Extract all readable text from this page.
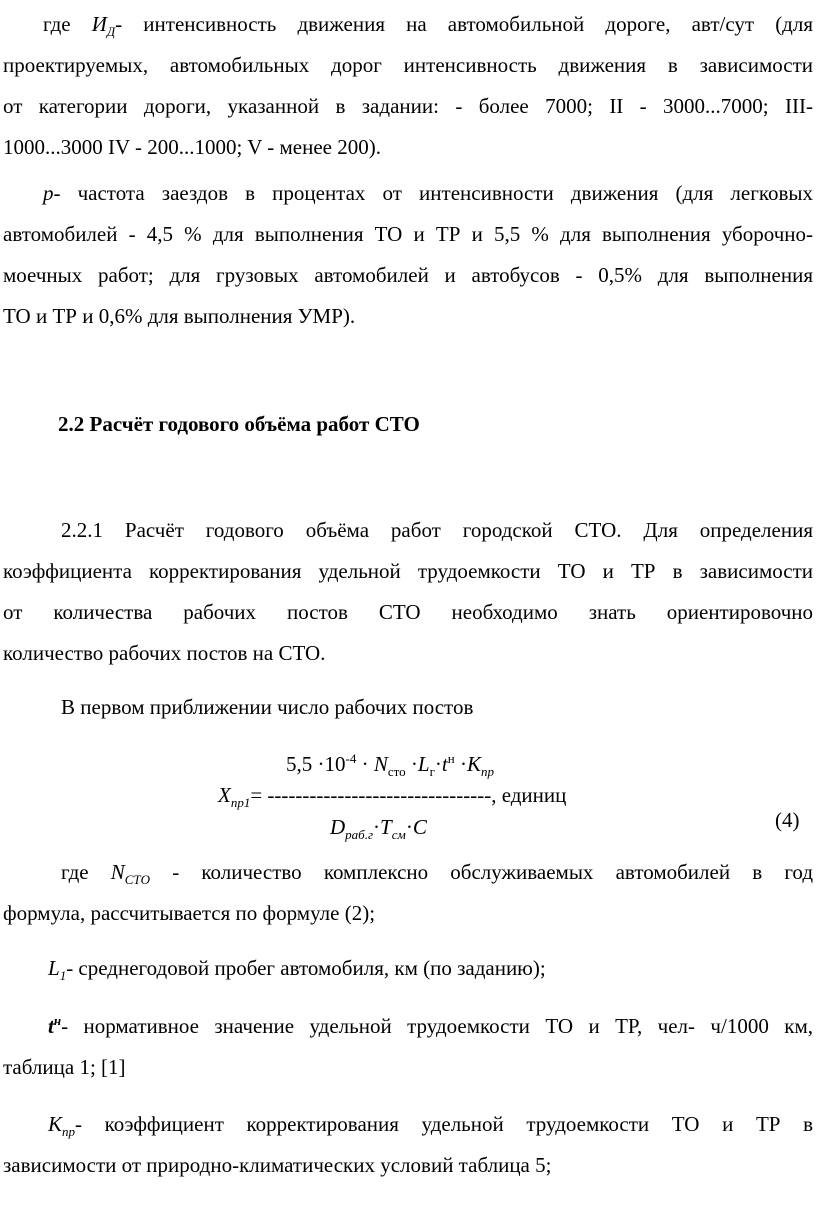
где $И_Д-$ интенсивность движения на автомобильной дороге, авт/сут (для
проектируемых, автомобильных дорог интенсивность движения в зависимости
от категории дороги, указанной в задании: - более 7000; II - 3000...7000; III-
1000...3000 IV - 200...1000; V - менее 200).
p- частота заездов в процентах от интенсивности движения (для легковых
автомобилей - 4,5 % для выполнения ТО и ТР и 5,5 % для выполнения уборочно-
моечных работ; для грузовых автомобилей и автобусов - 0,5% для выполнения
ТО и ТР и 0,6% для выполнения УМР).
2.2 Расчёт годового объёма работ СТО
2.2.1 Расчёт годового объёма работ городской СТО. Для определения
коэффициента корректирования удельной трудоемкости ТО и ТР в зависимости
от количества рабочих постов СТО необходимо знать ориентировочно
количество рабочих постов на СТО.
В первом приближении число рабочих постов
$5,5 \cdot 10^{-4} \cdot N_{сто} \cdot L_г\cdot t^н \cdot K_{пр}$
$X_{пр1}=$ --------------------------------, единиц
$D_{раб.г}\cdot T_{см}\cdot C$	(4)
где $N_{СТО}$ - количество комплексно обслуживаемых автомобилей в год
формула, рассчитывается по формуле (2);
$L_1-$ среднегодовой пробег автомобиля, км (по заданию);
$t^н-$ нормативное значение удельной трудоемкости ТО и ТР, чел- ч/1000 км,
таблица 1; [1]
$К_{пр}-$ коэффициент корректирования удельной трудоемкости ТО и ТР в
зависимости от природно-климатических условий таблица 5;
